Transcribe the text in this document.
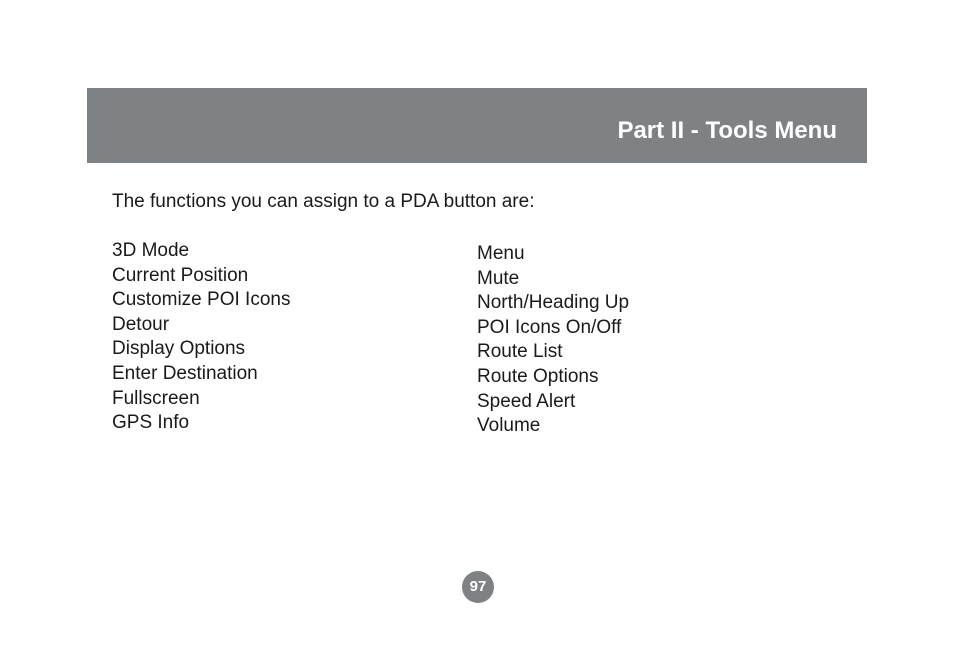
Part II - Tools Menu

The functions you can assign to a PDA button are:

3D Mode
Current Position
Customize POI Icons
Detour
Display Options
Enter Destination
Fullscreen
GPS Info
Menu
Mute
North/Heading Up
POI Icons On/Off
Route List
Route Options
Speed Alert
Volume
97
